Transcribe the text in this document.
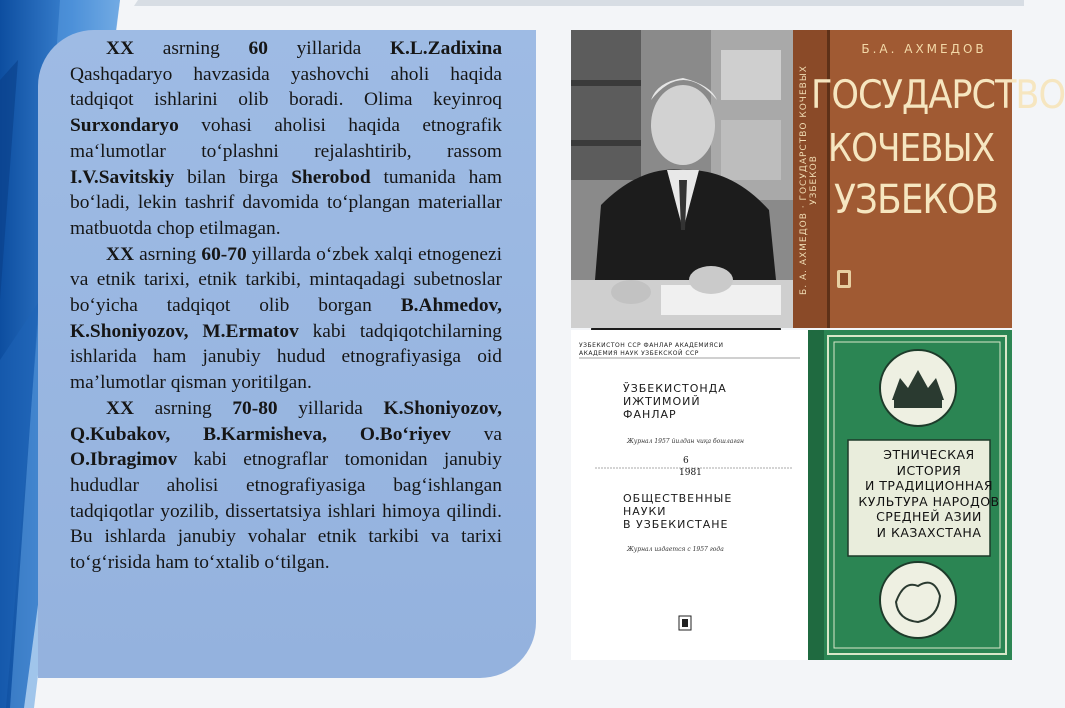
XX asrning 60 yillarida K.L.Zadixina Qashqadaryo havzasida yashovchi aholi haqida tadqiqot ishlarini olib boradi. Olima keyinroq Surxondaryo vohasi aholisi haqida etnografik ma‘lumotlar to‘plashni rejalashtirib, rassom I.V.Savitskiy bilan birga Sherobod tumanida ham bo‘ladi, lekin tashrif davomida to‘plangan materiallar matbuotda chop etilmagan.

XX asrning 60-70 yillarda o‘zbek xalqi etnogenezi va etnik tarixi, etnik tarkibi, mintaqadagi subetnoslar bo‘yicha tadqiqot olib borgan B.Ahmedov, K.Shoniyozov, M.Ermatov kabi tadqiqotchilarning ishlarida ham janubiy hudud etnografiyasiga oid ma’lumotlar qisman yoritilgan.

XX asrning 70-80 yillarida K.Shoniyozov, Q.Kubakov, B.Karmisheva, O.Bo‘riyev va O.Ibragimov kabi etnograflar tomonidan janubiy hududlar aholisi etnografiyasiga bag‘ishlangan tadqiqotlar yozilib, dissertatsiya ishlari himoya qilindi. Bu ishlarda janubiy vohalar etnik tarkibi va tarixi to‘g‘risida ham to‘xtalib o‘tilgan.

Б.А. АХМЕДОВ
ГОСУДАРСТВО
КОЧЕВЫХ
УЗБЕКОВ
Б. А. АХМЕДОВ · ГОСУДАРСТВО КОЧЕВЫХ УЗБЕКОВ
УЗБЕКИСТОН ССР ФАНЛАР АКАДЕМИЯСИ
АКАДЕМИЯ НАУК УЗБЕКСКОЙ ССР
ЎЗБЕКИСТОНДА
ИЖТИМОИЙ
ФАНЛАР
Журнал 1957 йилдан чиқа бошлаган
6
1981
ОБЩЕСТВЕННЫЕ
НАУКИ
В УЗБЕКИСТАНЕ
Журнал издается с 1957 года
ЭТНИЧЕСКАЯ
ИСТОРИЯ
И ТРАДИЦИОННАЯ
КУЛЬТУРА НАРОДОВ
СРЕДНЕЙ АЗИИ
И КАЗАХСТАНА
